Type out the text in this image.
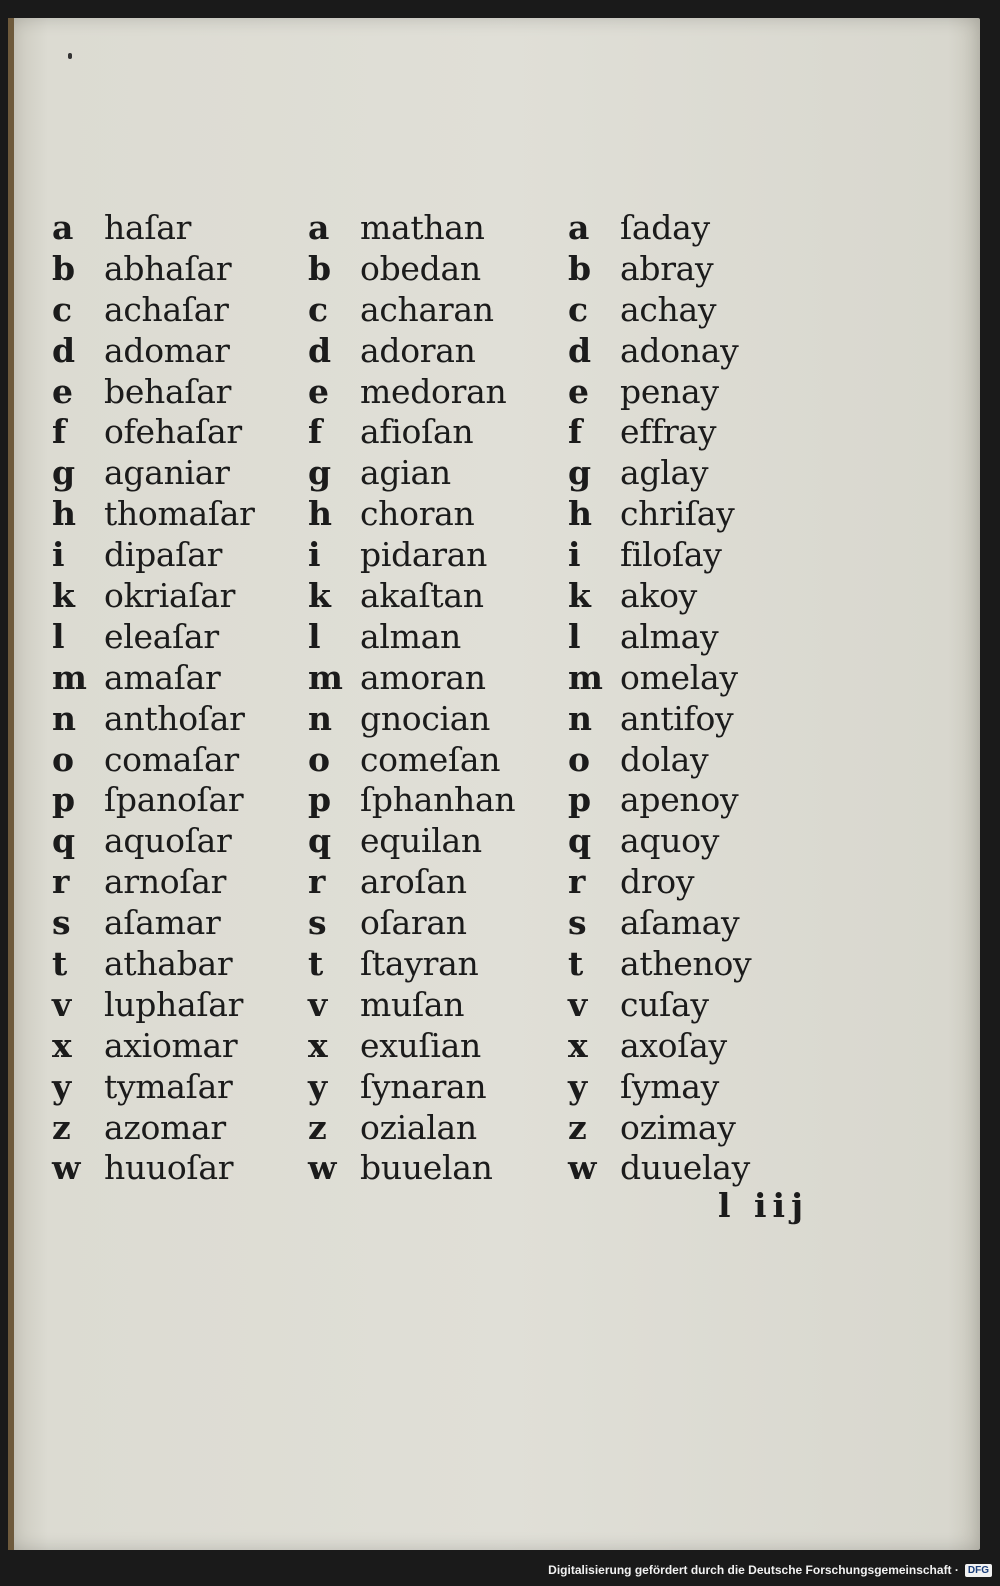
a haſar
b abhaſar
c achaſar
d adomar
e behaſar
f	ofehaſar
g aganiar
h thomaſar
i	dipaſar
k okriaſar
l	eleaſar
m amaſar
n anthoſar
o comaſar
p ſpanoſar
q aquoſar
r	arnoſar
s	aſamar
t	athabar
v luphaſar
x axiomar
y tymaſar
z	azomar
w huuoſar
a mathan
b obedan
c acharan
d adoran
e medoran
f	afioſan
g agian
h choran
i	pidaran
k akaſtan
l	alman
m amoran
n gnocian
o comeſan
p ſphanhan
q equilan
r	aroſan
s	oſaran
t	ſtayran
v muſan
x exuſian
y ſynaran
z	ozialan
w buuelan
a ſaday
b abray
c achay
d adonay
e penay
f	effray
g aglay
h chriſay
i	filoſay
k akoy
l	almay
m omelay
n antifoy
o dolay
p apenoy
q aquoy
r	droy
s	aſamay
t	athenoy
v cuſay
x axoſay
y ſymay
z	ozimay
w duuelay
l iij
Digitalisierung gefördert durch die Deutsche Forschungsgemeinschaft · DFG
